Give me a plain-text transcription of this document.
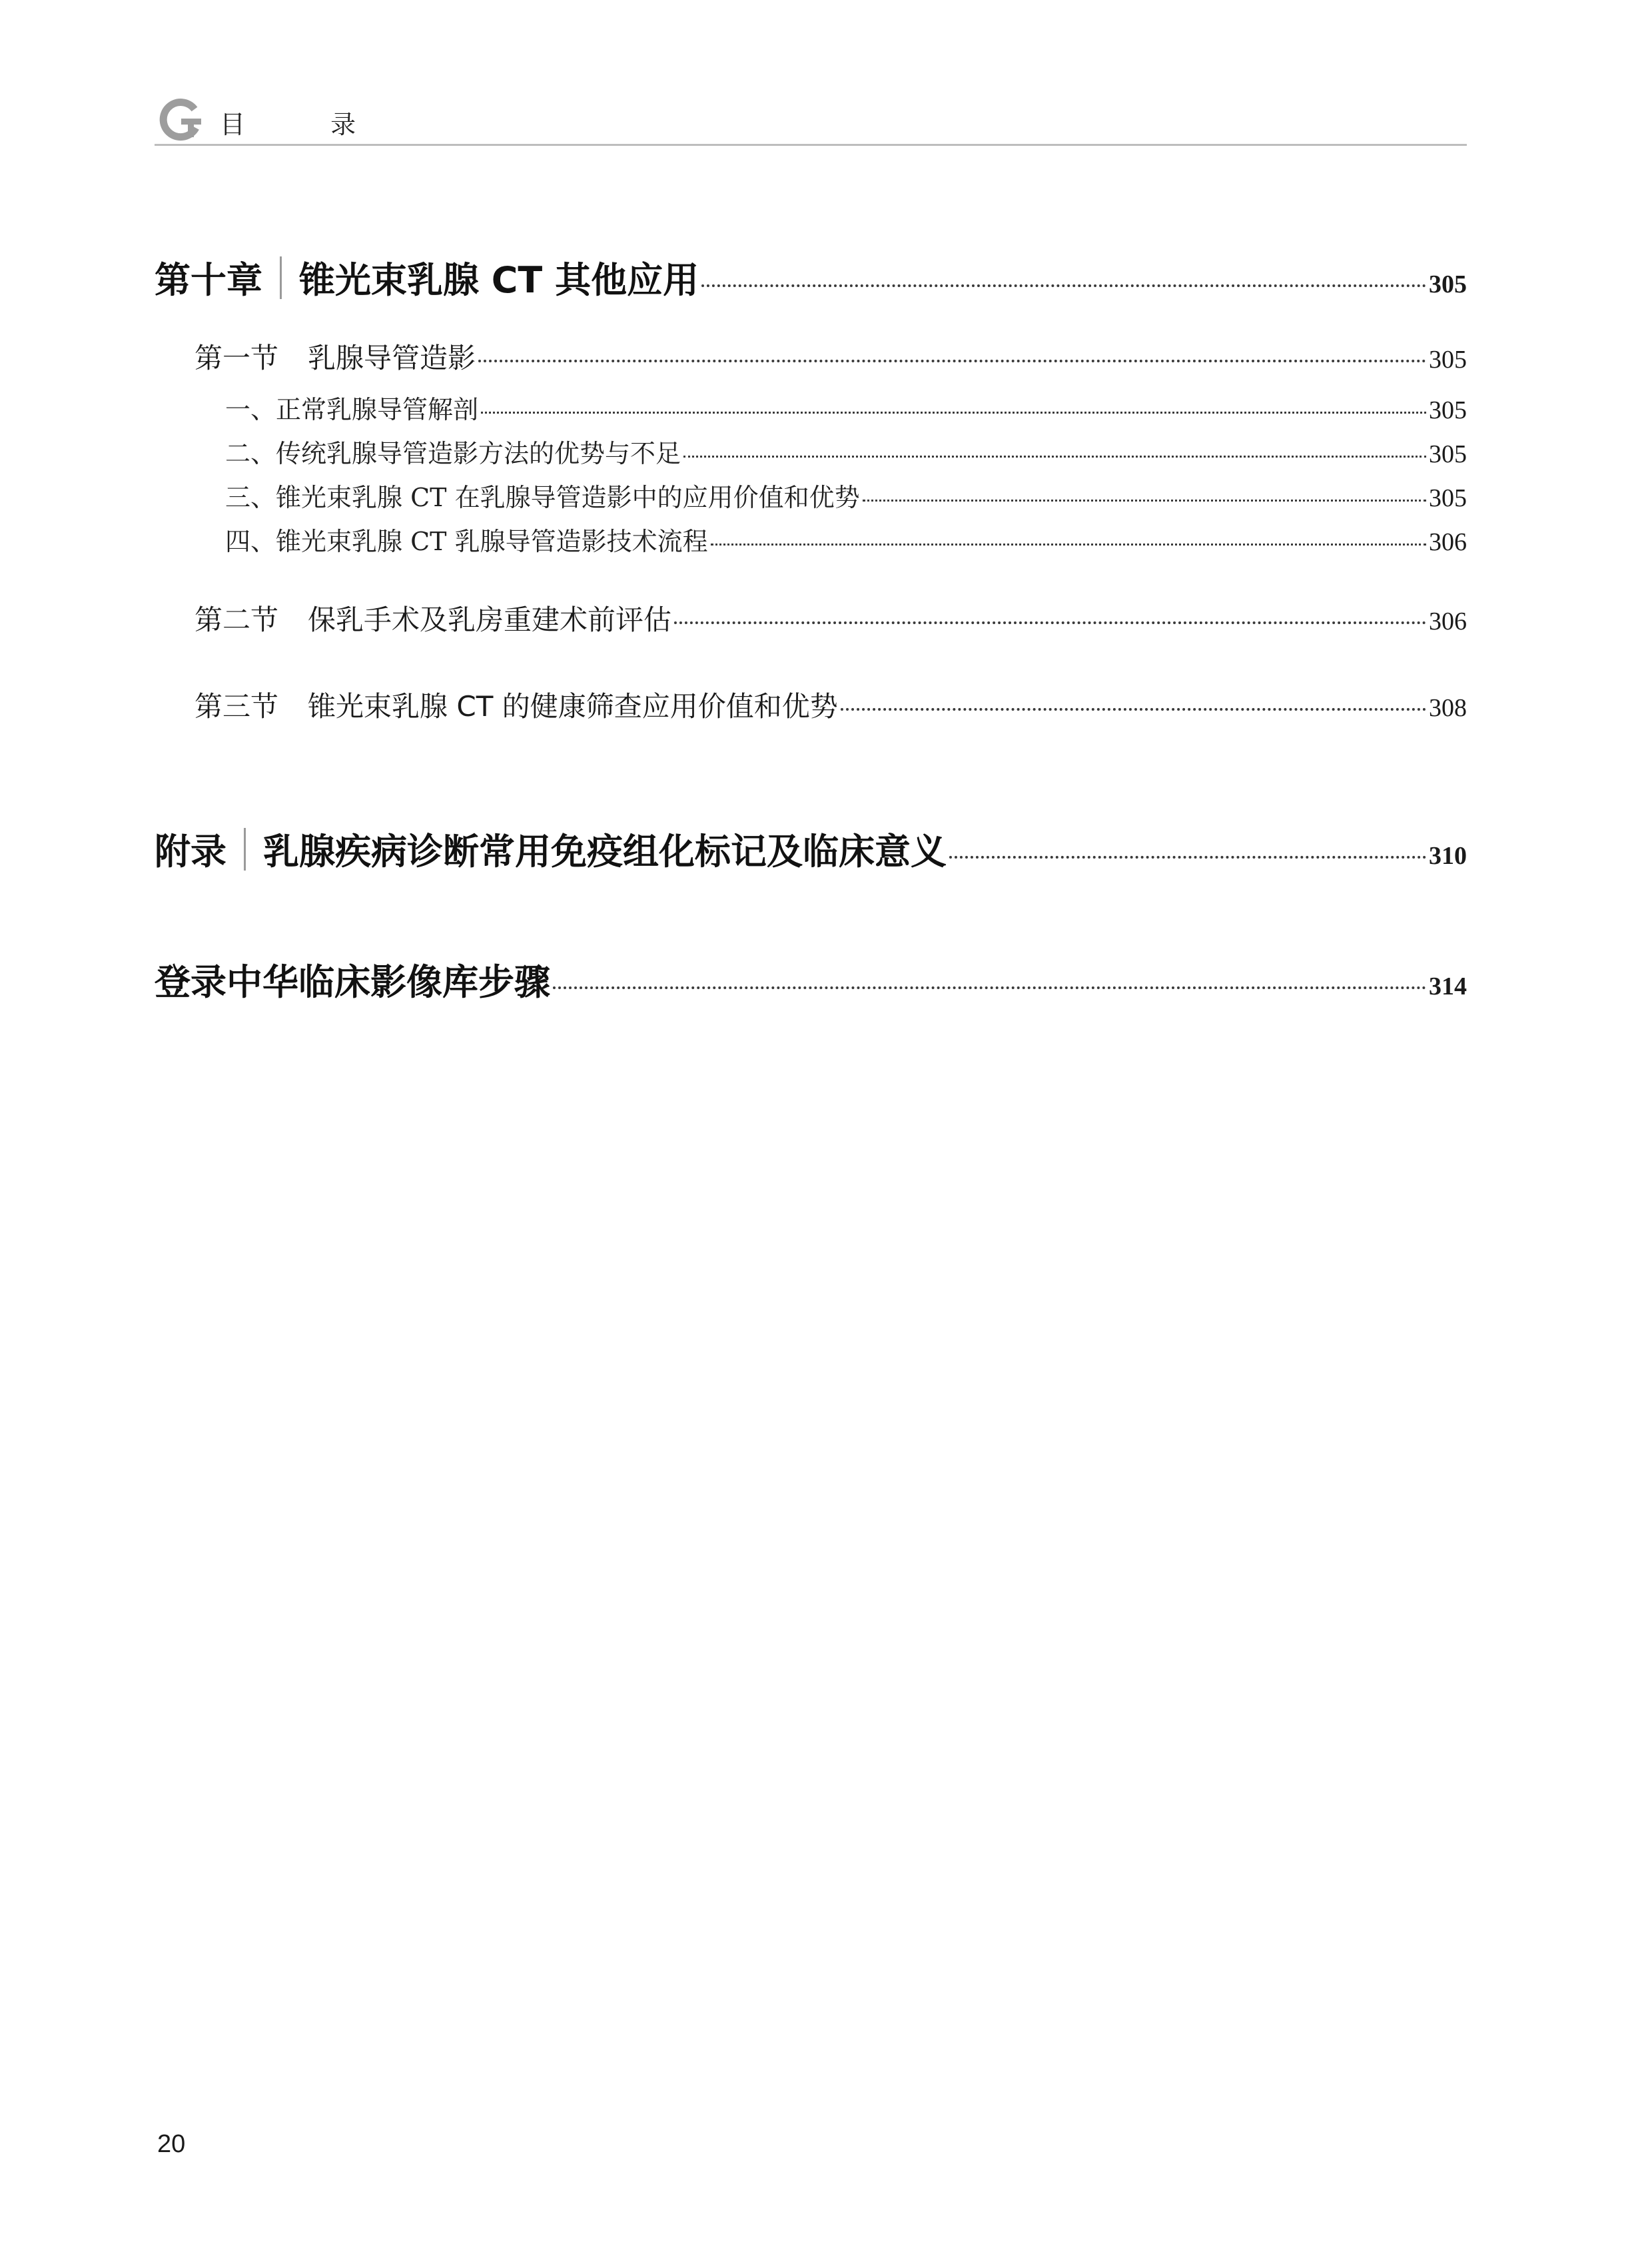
目 录
第十章 锥光束乳腺 CT 其他应用	305
第一节 乳腺导管造影	305
一、正常乳腺导管解剖	305
二、传统乳腺导管造影方法的优势与不足	305
三、锥光束乳腺 CT 在乳腺导管造影中的应用价值和优势	305
四、锥光束乳腺 CT 乳腺导管造影技术流程	306
第二节 保乳手术及乳房重建术前评估	306
第三节 锥光束乳腺 CT 的健康筛查应用价值和优势	308
附录 乳腺疾病诊断常用免疫组化标记及临床意义	310
登录中华临床影像库步骤	314
20
